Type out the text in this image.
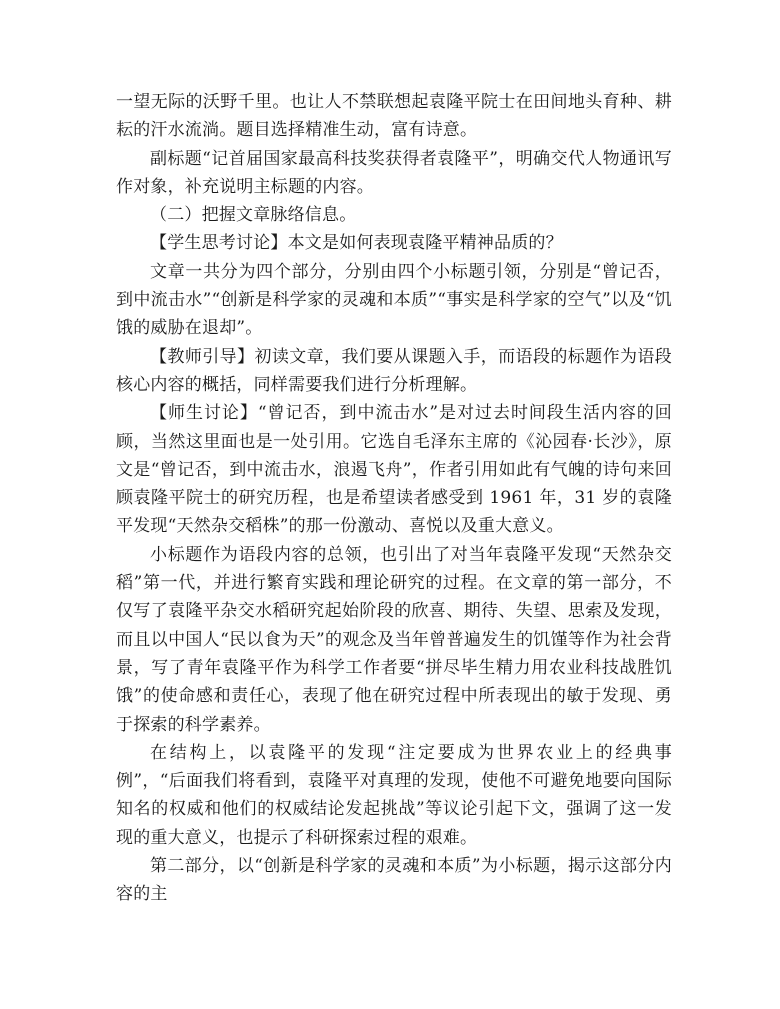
一望无际的沃野千里。也让人不禁联想起袁隆平院士在田间地头育种、耕耘的汗水流淌。题目选择精准生动，富有诗意。

副标题“记首届国家最高科技奖获得者袁隆平”，明确交代人物通讯写作对象，补充说明主标题的内容。

（二）把握文章脉络信息。

【学生思考讨论】本文是如何表现袁隆平精神品质的？

文章一共分为四个部分，分别由四个小标题引领，分别是“曾记否，到中流击水”“创新是科学家的灵魂和本质”“事实是科学家的空气”以及“饥饿的威胁在退却”。

【教师引导】初读文章，我们要从课题入手，而语段的标题作为语段核心内容的概括，同样需要我们进行分析理解。

【师生讨论】“曾记否，到中流击水”是对过去时间段生活内容的回顾，当然这里面也是一处引用。它选自毛泽东主席的《沁园春·长沙》，原文是“曾记否，到中流击水，浪遏飞舟”，作者引用如此有气魄的诗句来回顾袁隆平院士的研究历程，也是希望读者感受到 1961 年，31 岁的袁隆平发现“天然杂交稻株”的那一份激动、喜悦以及重大意义。

小标题作为语段内容的总领，也引出了对当年袁隆平发现“天然杂交稻”第一代，并进行繁育实践和理论研究的过程。在文章的第一部分，不仅写了袁隆平杂交水稻研究起始阶段的欣喜、期待、失望、思索及发现，而且以中国人“民以食为天”的观念及当年曾普遍发生的饥馑等作为社会背景，写了青年袁隆平作为科学工作者要“拼尽毕生精力用农业科技战胜饥饿”的使命感和责任心，表现了他在研究过程中所表现出的敏于发现、勇于探索的科学素养。

在结构上，以袁隆平的发现“注定要成为世界农业上的经典事例”，“后面我们将看到，袁隆平对真理的发现，使他不可避免地要向国际知名的权威和他们的权威结论发起挑战”等议论引起下文，强调了这一发现的重大意义，也提示了科研探索过程的艰难。

第二部分，以“创新是科学家的灵魂和本质”为小标题，揭示这部分内容的主
